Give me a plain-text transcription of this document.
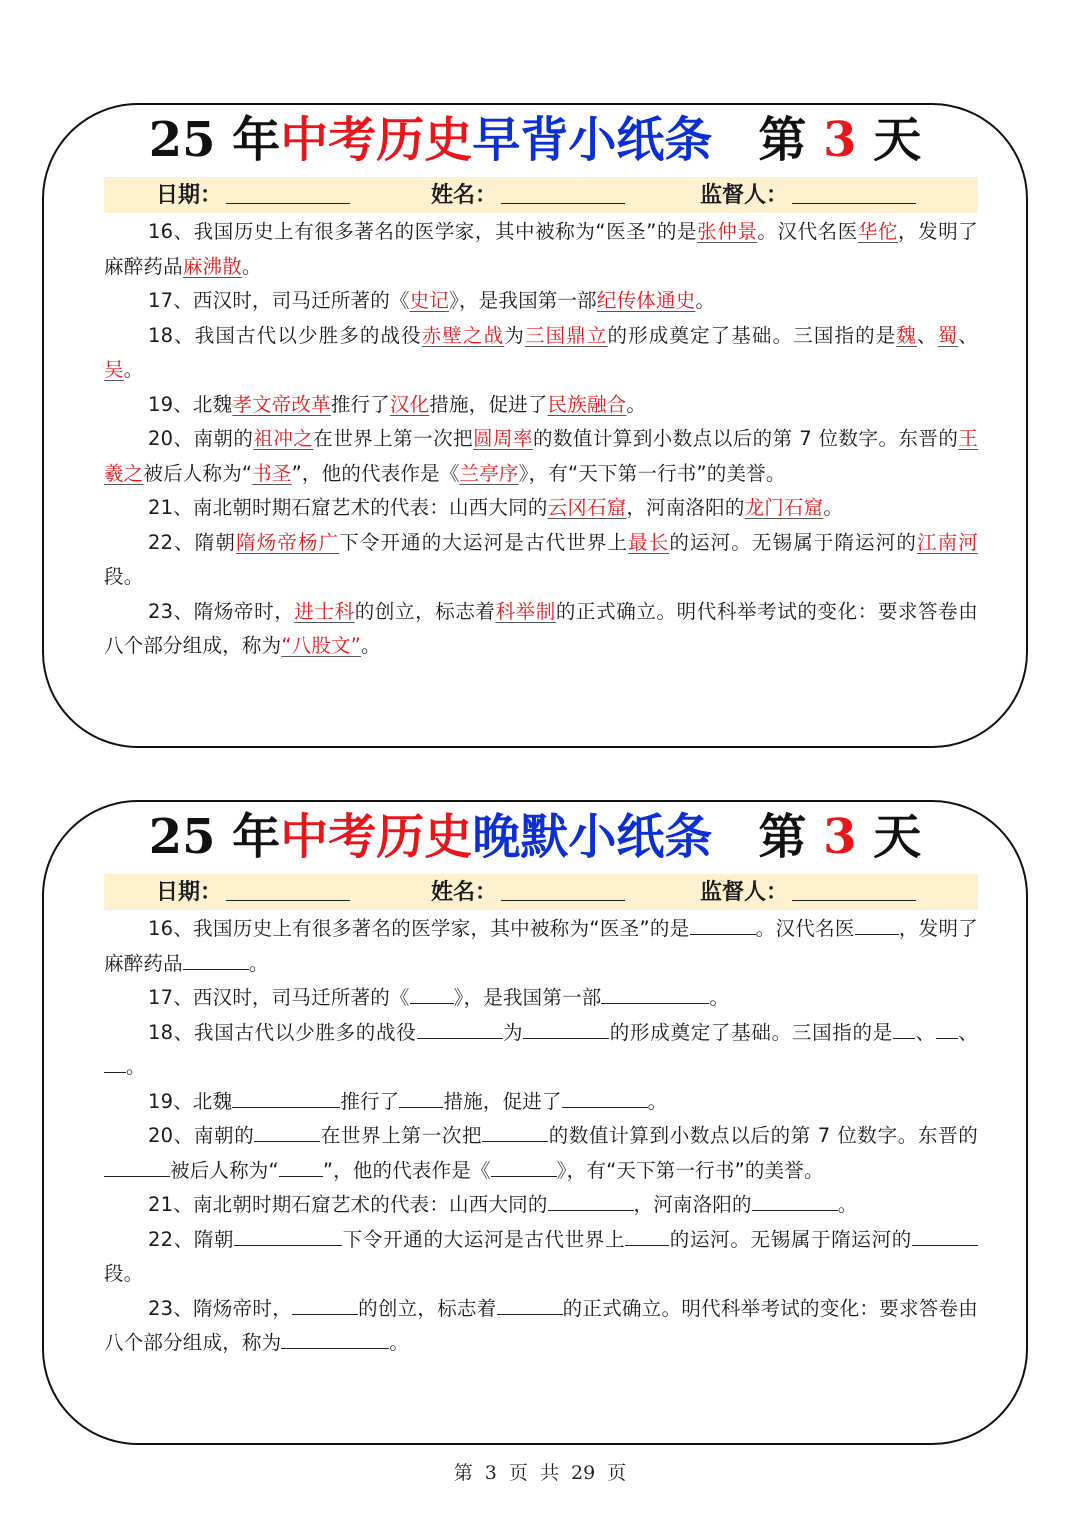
25 年中考历史早背小纸条 第 3 天
日期：	姓名：	监督人：

16、我国历史上有很多著名的医学家，其中被称为“医圣”的是张仲景。汉代名医华佗，发明了麻醉药品麻沸散。

17、西汉时，司马迁所著的《史记》，是我国第一部纪传体通史。

18、我国古代以少胜多的战役赤壁之战为三国鼎立的形成奠定了基础。三国指的是魏、蜀、吴。

19、北魏孝文帝改革推行了汉化措施，促进了民族融合。

20、南朝的祖冲之在世界上第一次把圆周率的数值计算到小数点以后的第 7 位数字。东晋的王羲之被后人称为“书圣”，他的代表作是《兰亭序》，有“天下第一行书”的美誉。

21、南北朝时期石窟艺术的代表：山西大同的云冈石窟，河南洛阳的龙门石窟。

22、隋朝隋炀帝杨广下令开通的大运河是古代世界上最长的运河。无锡属于隋运河的江南河段。

23、隋炀帝时，进士科的创立，标志着科举制的正式确立。明代科举考试的变化：要求答卷由八个部分组成，称为“八股文”。

25 年中考历史晚默小纸条 第 3 天
日期：	姓名：	监督人：

16、我国历史上有很多著名的医学家，其中被称为“医圣”的是	。汉代名医 ，发明了麻醉药品	。

17、西汉时，司马迁所著的《 》，是我国第一部	。

18、我国古代以少胜多的战役	为	的形成奠定了基础。三国指的是 、 、。

19、北魏	推行了 措施，促进了	。

20、南朝的	在世界上第一次把	的数值计算到小数点以后的第 7 位数字。东晋的被后人称为“ ”，他的代表作是《	》，有“天下第一行书”的美誉。

21、南北朝时期石窟艺术的代表：山西大同的	，河南洛阳的	。

22、隋朝	下令开通的大运河是古代世界上 的运河。无锡属于隋运河的段。

23、隋炀帝时，	的创立，标志着	的正式确立。明代科举考试的变化：要求答卷由八个部分组成，称为	。

第 3 页 共 29 页
